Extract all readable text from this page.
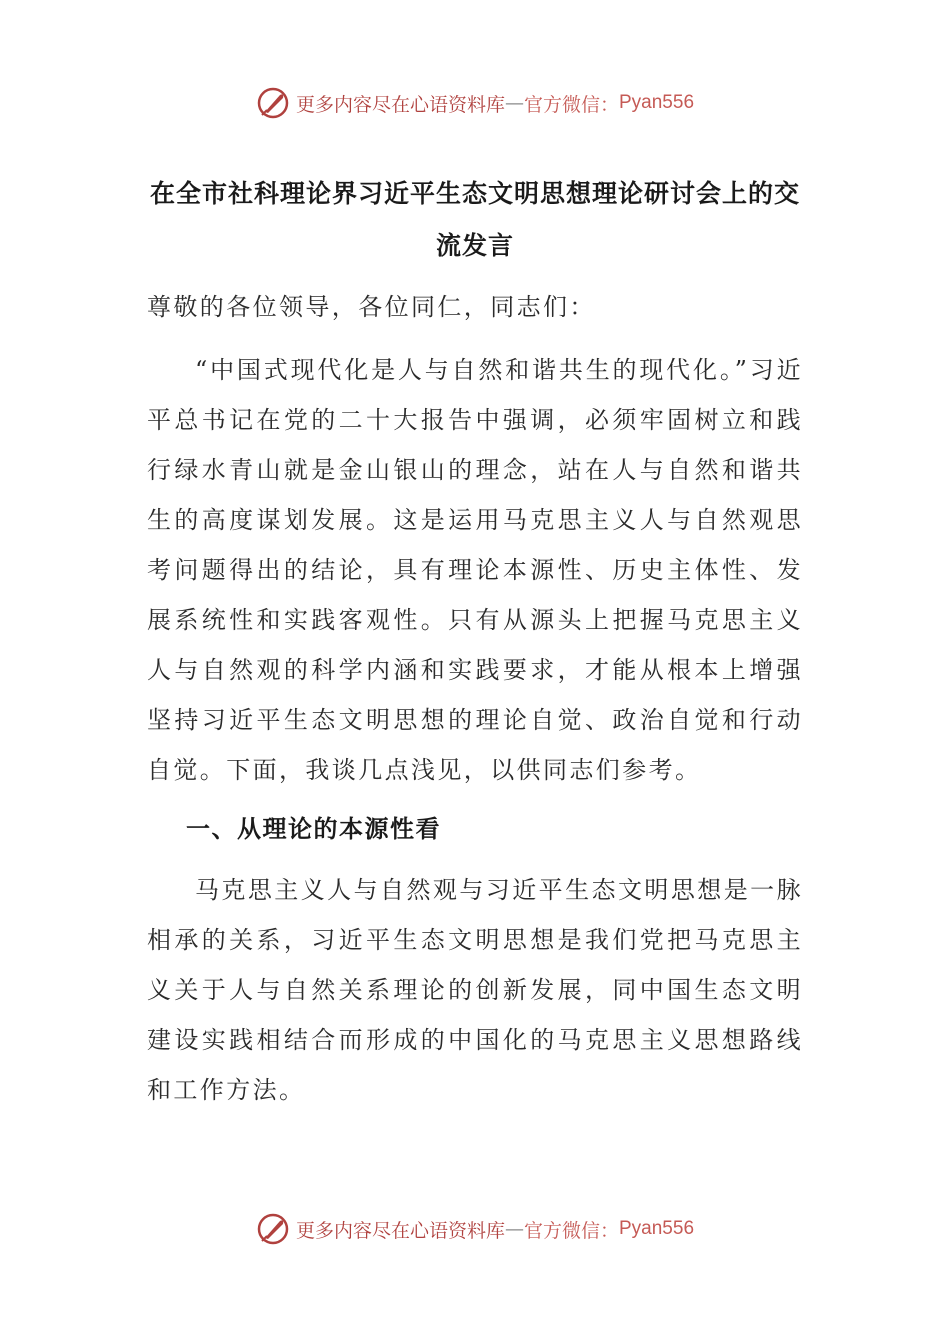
更多内容尽在心语资料库 — 官方微信： Pyan556
在全市社科理论界习近平生态文明思想理论研讨会上的交流发言

尊敬的各位领导，各位同仁，同志们：

“中国式现代化是人与自然和谐共生的现代化。”习近平总书记在党的二十大报告中强调，必须牢固树立和践行绿水青山就是金山银山的理念，站在人与自然和谐共生的高度谋划发展。这是运用马克思主义人与自然观思考问题得出的结论，具有理论本源性、历史主体性、发展系统性和实践客观性。只有从源头上把握马克思主义人与自然观的科学内涵和实践要求，才能从根本上增强坚持习近平生态文明思想的理论自觉、政治自觉和行动自觉。下面，我谈几点浅见，以供同志们参考。

一、从理论的本源性看

马克思主义人与自然观与习近平生态文明思想是一脉相承的关系，习近平生态文明思想是我们党把马克思主义关于人与自然关系理论的创新发展，同中国生态文明建设实践相结合而形成的中国化的马克思主义思想路线和工作方法。

更多内容尽在心语资料库 — 官方微信： Pyan556
